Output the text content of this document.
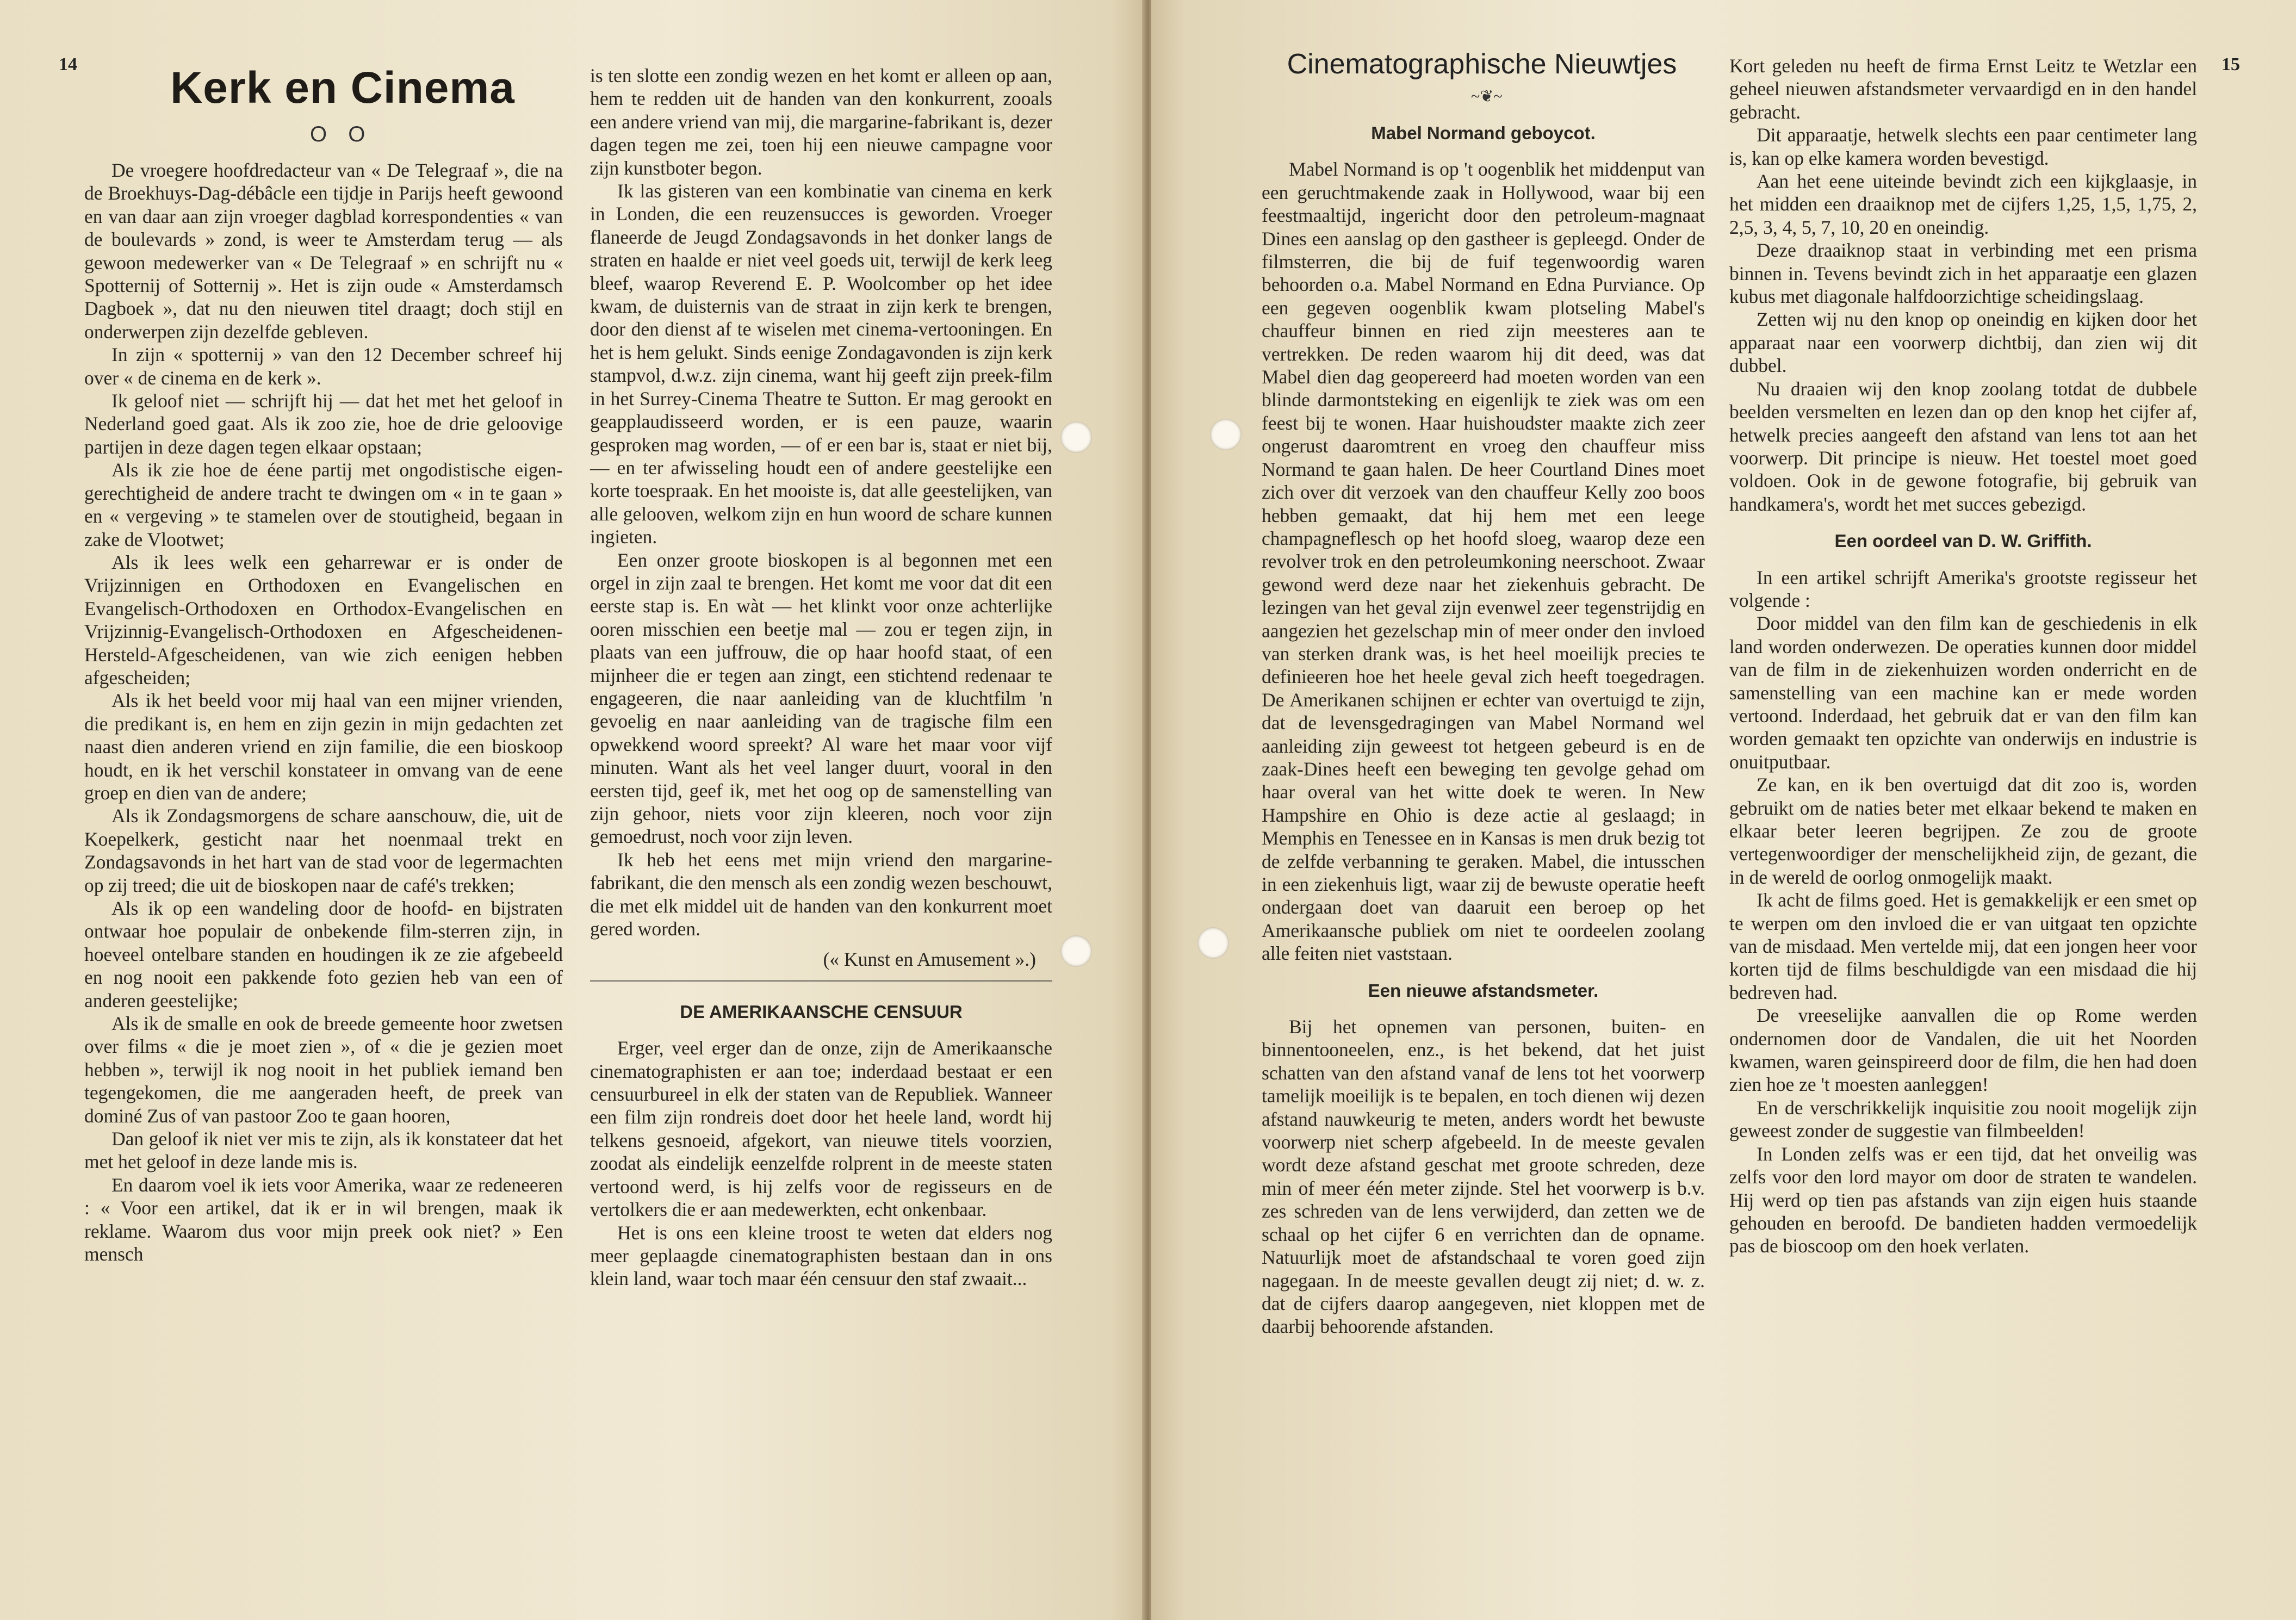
14	Kerk en Cinema
O O

De vroegere hoofdredacteur van « De Telegraaf », die na de Broekhuys-Dag-débâcle een tijdje in Parijs heeft gewoond en van daar aan zijn vroeger dagblad korrespondenties « van de boulevards » zond, is weer te Amsterdam terug — als gewoon medewerker van « De Telegraaf » en schrijft nu « Spotternij of Sotternij ». Het is zijn oude « Amsterdamsch Dagboek », dat nu den nieuwen titel draagt; doch stijl en onderwerpen zijn dezelfde gebleven.

In zijn « spotternij » van den 12 December schreef hij over « de cinema en de kerk ».

Ik geloof niet — schrijft hij — dat het met het geloof in Nederland goed gaat. Als ik zoo zie, hoe de drie geloovige partijen in deze dagen tegen elkaar opstaan;

Als ik zie hoe de éene partij met ongodistische eigen-gerechtigheid de andere tracht te dwingen om « in te gaan » en « vergeving » te stamelen over de stoutigheid, begaan in zake de Vlootwet;

Als ik lees welk een geharrewar er is onder de Vrijzinnigen en Orthodoxen en Evangelischen en Evangelisch-Orthodoxen en Orthodox-Evangelischen en Vrijzinnig-Evangelisch-Orthodoxen en Afgescheidenen-Hersteld-Afgescheidenen, van wie zich eenigen hebben afgescheiden;

Als ik het beeld voor mij haal van een mijner vrienden, die predikant is, en hem en zijn gezin in mijn gedachten zet naast dien anderen vriend en zijn familie, die een bioskoop houdt, en ik het verschil konstateer in omvang van de eene groep en dien van de andere;

Als ik Zondagsmorgens de schare aanschouw, die, uit de Koepelkerk, gesticht naar het noenmaal trekt en Zondagsavonds in het hart van de stad voor de legermachten op zij treed; die uit de bioskopen naar de café's trekken;

Als ik op een wandeling door de hoofd- en bijstraten ontwaar hoe populair de onbekende film-sterren zijn, in hoeveel ontelbare standen en houdingen ik ze zie afgebeeld en nog nooit een pakkende foto gezien heb van een of anderen geestelijke;

Als ik de smalle en ook de breede gemeente hoor zwetsen over films « die je moet zien », of « die je gezien moet hebben », terwijl ik nog nooit in het publiek iemand ben tegengekomen, die me aangeraden heeft, de preek van dominé Zus of van pastoor Zoo te gaan hooren,

Dan geloof ik niet ver mis te zijn, als ik konstateer dat het met het geloof in deze lande mis is.

En daarom voel ik iets voor Amerika, waar ze redeneeren : « Voor een artikel, dat ik er in wil brengen, maak ik reklame. Waarom dus voor mijn preek ook niet? » Een mensch

is ten slotte een zondig wezen en het komt er alleen op aan, hem te redden uit de handen van den konkurrent, zooals een andere vriend van mij, die margarine-fabrikant is, dezer dagen tegen me zei, toen hij een nieuwe campagne voor zijn kunstboter begon.

Ik las gisteren van een kombinatie van cinema en kerk in Londen, die een reuzensucces is geworden. Vroeger flaneerde de Jeugd Zondagsavonds in het donker langs de straten en haalde er niet veel goeds uit, terwijl de kerk leeg bleef, waarop Reverend E. P. Woolcomber op het idee kwam, de duisternis van de straat in zijn kerk te brengen, door den dienst af te wiselen met cinema-vertooningen. En het is hem gelukt. Sinds eenige Zondagavonden is zijn kerk stampvol, d.w.z. zijn cinema, want hij geeft zijn preek-film in het Surrey-Cinema Theatre te Sutton. Er mag gerookt en geapplaudisseerd worden, er is een pauze, waarin gesproken mag worden, — of er een bar is, staat er niet bij, — en ter afwisseling houdt een of andere geestelijke een korte toespraak. En het mooiste is, dat alle geestelijken, van alle gelooven, welkom zijn en hun woord de schare kunnen ingieten.

Een onzer groote bioskopen is al begonnen met een orgel in zijn zaal te brengen. Het komt me voor dat dit een eerste stap is. En wàt — het klinkt voor onze achterlijke ooren misschien een beetje mal — zou er tegen zijn, in plaats van een juffrouw, die op haar hoofd staat, of een mijnheer die er tegen aan zingt, een stichtend redenaar te engageeren, die naar aanleiding van de kluchtfilm 'n gevoelig en naar aanleiding van de tragische film een opwekkend woord spreekt? Al ware het maar voor vijf minuten. Want als het veel langer duurt, vooral in den eersten tijd, geef ik, met het oog op de samenstelling van zijn gehoor, niets voor zijn kleeren, noch voor zijn gemoedrust, noch voor zijn leven.

Ik heb het eens met mijn vriend den margarine-fabrikant, die den mensch als een zondig wezen beschouwt, die met elk middel uit de handen van den konkurrent moet gered worden.

(« Kunst en Amusement ».)

DE AMERIKAANSCHE CENSUUR

Erger, veel erger dan de onze, zijn de Amerikaansche cinematographisten er aan toe; inderdaad bestaat er een censuurbureel in elk der staten van de Republiek. Wanneer een film zijn rondreis doet door het heele land, wordt hij telkens gesnoeid, afgekort, van nieuwe titels voorzien, zoodat als eindelijk eenzelfde rolprent in de meeste staten vertoond werd, is hij zelfs voor de regisseurs en de vertolkers die er aan medewerkten, echt onkenbaar.

Het is ons een kleine troost te weten dat elders nog meer geplaagde cinematographisten bestaan dan in ons klein land, waar toch maar één censuur den staf zwaait...

15
Cinematographische Nieuwtjes
~❦~
Mabel Normand geboycot.

Mabel Normand is op 't oogenblik het middenput van een geruchtmakende zaak in Hollywood, waar bij een feestmaaltijd, ingericht door den petroleum-magnaat Dines een aanslag op den gastheer is gepleegd. Onder de filmsterren, die bij de fuif tegenwoordig waren behoorden o.a. Mabel Normand en Edna Purviance. Op een gegeven oogenblik kwam plotseling Mabel's chauffeur binnen en ried zijn meesteres aan te vertrekken. De reden waarom hij dit deed, was dat Mabel dien dag geopereerd had moeten worden van een blinde darmontsteking en eigenlijk te ziek was om een feest bij te wonen. Haar huishoudster maakte zich zeer ongerust daaromtrent en vroeg den chauffeur miss Normand te gaan halen. De heer Courtland Dines moet zich over dit verzoek van den chauffeur Kelly zoo boos hebben gemaakt, dat hij hem met een leege champagneflesch op het hoofd sloeg, waarop deze een revolver trok en den petroleumkoning neerschoot. Zwaar gewond werd deze naar het ziekenhuis gebracht. De lezingen van het geval zijn evenwel zeer tegenstrijdig en aangezien het gezelschap min of meer onder den invloed van sterken drank was, is het heel moeilijk precies te definieeren hoe het heele geval zich heeft toegedragen. De Amerikanen schijnen er echter van overtuigd te zijn, dat de levensgedragingen van Mabel Normand wel aanleiding zijn geweest tot hetgeen gebeurd is en de zaak-Dines heeft een beweging ten gevolge gehad om haar overal van het witte doek te weren. In New Hampshire en Ohio is deze actie al geslaagd; in Memphis en Tenessee en in Kansas is men druk bezig tot de zelfde verbanning te geraken. Mabel, die intusschen in een ziekenhuis ligt, waar zij de bewuste operatie heeft ondergaan doet van daaruit een beroep op het Amerikaansche publiek om niet te oordeelen zoolang alle feiten niet vaststaan.

Een nieuwe afstandsmeter.

Bij het opnemen van personen, buiten- en binnentooneelen, enz., is het bekend, dat het juist schatten van den afstand vanaf de lens tot het voorwerp tamelijk moeilijk is te bepalen, en toch dienen wij dezen afstand nauwkeurig te meten, anders wordt het bewuste voorwerp niet scherp afgebeeld. In de meeste gevalen wordt deze afstand geschat met groote schreden, deze min of meer één meter zijnde. Stel het voorwerp is b.v. zes schreden van de lens verwijderd, dan zetten we de schaal op het cijfer 6 en verrichten dan de opname. Natuurlijk moet de afstandschaal te voren goed zijn nagegaan. In de meeste gevallen deugt zij niet; d. w. z. dat de cijfers daarop aangegeven, niet kloppen met de daarbij behoorende afstanden.

Kort geleden nu heeft de firma Ernst Leitz te Wetzlar een geheel nieuwen afstandsmeter vervaardigd en in den handel gebracht.

Dit apparaatje, hetwelk slechts een paar centimeter lang is, kan op elke kamera worden bevestigd.

Aan het eene uiteinde bevindt zich een kijkglaasje, in het midden een draaiknop met de cijfers 1,25, 1,5, 1,75, 2, 2,5, 3, 4, 5, 7, 10, 20 en oneindig.

Deze draaiknop staat in verbinding met een prisma binnen in. Tevens bevindt zich in het apparaatje een glazen kubus met diagonale halfdoorzichtige scheidingslaag.

Zetten wij nu den knop op oneindig en kijken door het apparaat naar een voorwerp dichtbij, dan zien wij dit dubbel.

Nu draaien wij den knop zoolang totdat de dubbele beelden versmelten en lezen dan op den knop het cijfer af, hetwelk precies aangeeft den afstand van lens tot aan het voorwerp. Dit principe is nieuw. Het toestel moet goed voldoen. Ook in de gewone fotografie, bij gebruik van handkamera's, wordt het met succes gebezigd.

Een oordeel van D. W. Griffith.

In een artikel schrijft Amerika's grootste regisseur het volgende :

Door middel van den film kan de geschiedenis in elk land worden onderwezen. De operaties kunnen door middel van de film in de ziekenhuizen worden onderricht en de samenstelling van een machine kan er mede worden vertoond. Inderdaad, het gebruik dat er van den film kan worden gemaakt ten opzichte van onderwijs en industrie is onuitputbaar.

Ze kan, en ik ben overtuigd dat dit zoo is, worden gebruikt om de naties beter met elkaar bekend te maken en elkaar beter leeren begrijpen. Ze zou de groote vertegenwoordiger der menschelijkheid zijn, de gezant, die in de wereld de oorlog onmogelijk maakt.

Ik acht de films goed. Het is gemakkelijk er een smet op te werpen om den invloed die er van uitgaat ten opzichte van de misdaad. Men vertelde mij, dat een jongen heer voor korten tijd de films beschuldigde van een misdaad die hij bedreven had.

De vreeselijke aanvallen die op Rome werden ondernomen door de Vandalen, die uit het Noorden kwamen, waren geinspireerd door de film, die hen had doen zien hoe ze 't moesten aanleggen!

En de verschrikkelijk inquisitie zou nooit mogelijk zijn geweest zonder de suggestie van filmbeelden!

In Londen zelfs was er een tijd, dat het onveilig was zelfs voor den lord mayor om door de straten te wandelen. Hij werd op tien pas afstands van zijn eigen huis staande gehouden en beroofd. De bandieten hadden vermoedelijk pas de bioscoop om den hoek verlaten.
